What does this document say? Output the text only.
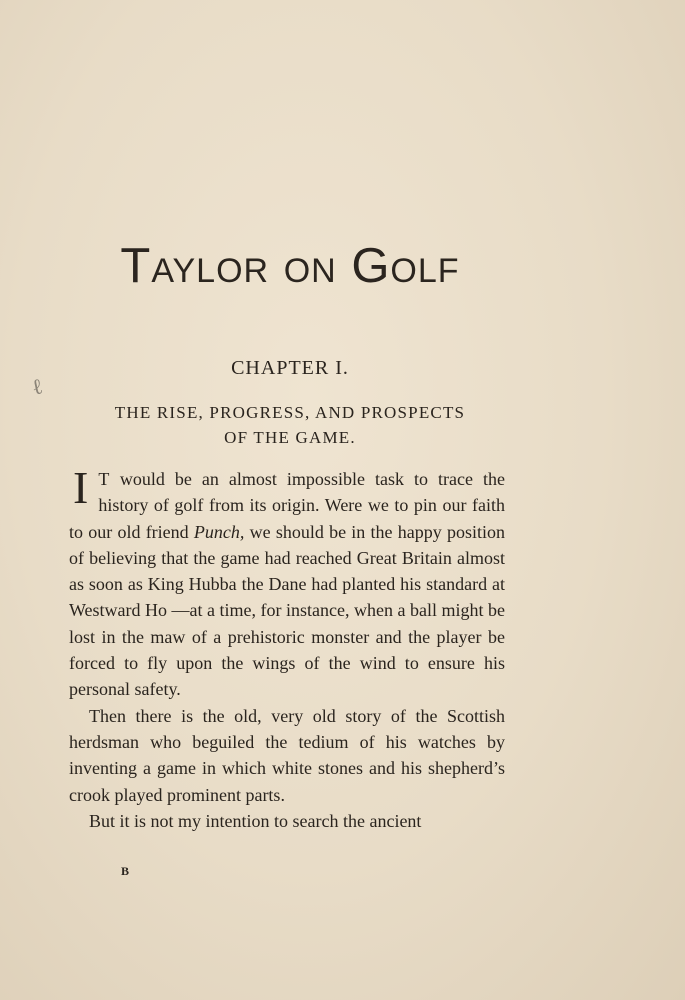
Taylor on Golf
ℓ
CHAPTER I.
THE RISE, PROGRESS, AND PROSPECTS
OF THE GAME.

I T would be an almost impossible task to trace the history of golf from its origin. Were we to pin our faith to our old friend Punch, we should be in the happy position of believing that the game had reached Great Britain almost as soon as King Hubba the Dane had planted his standard at Westward Ho —at a time, for instance, when a ball might be lost in the maw of a prehistoric monster and the player be forced to fly upon the wings of the wind to ensure his personal safety.

Then there is the old, very old story of the Scottish herdsman who beguiled the tedium of his watches by inventing a game in which white stones and his shepherd’s crook played prominent parts.

But it is not my intention to search the ancient

B
